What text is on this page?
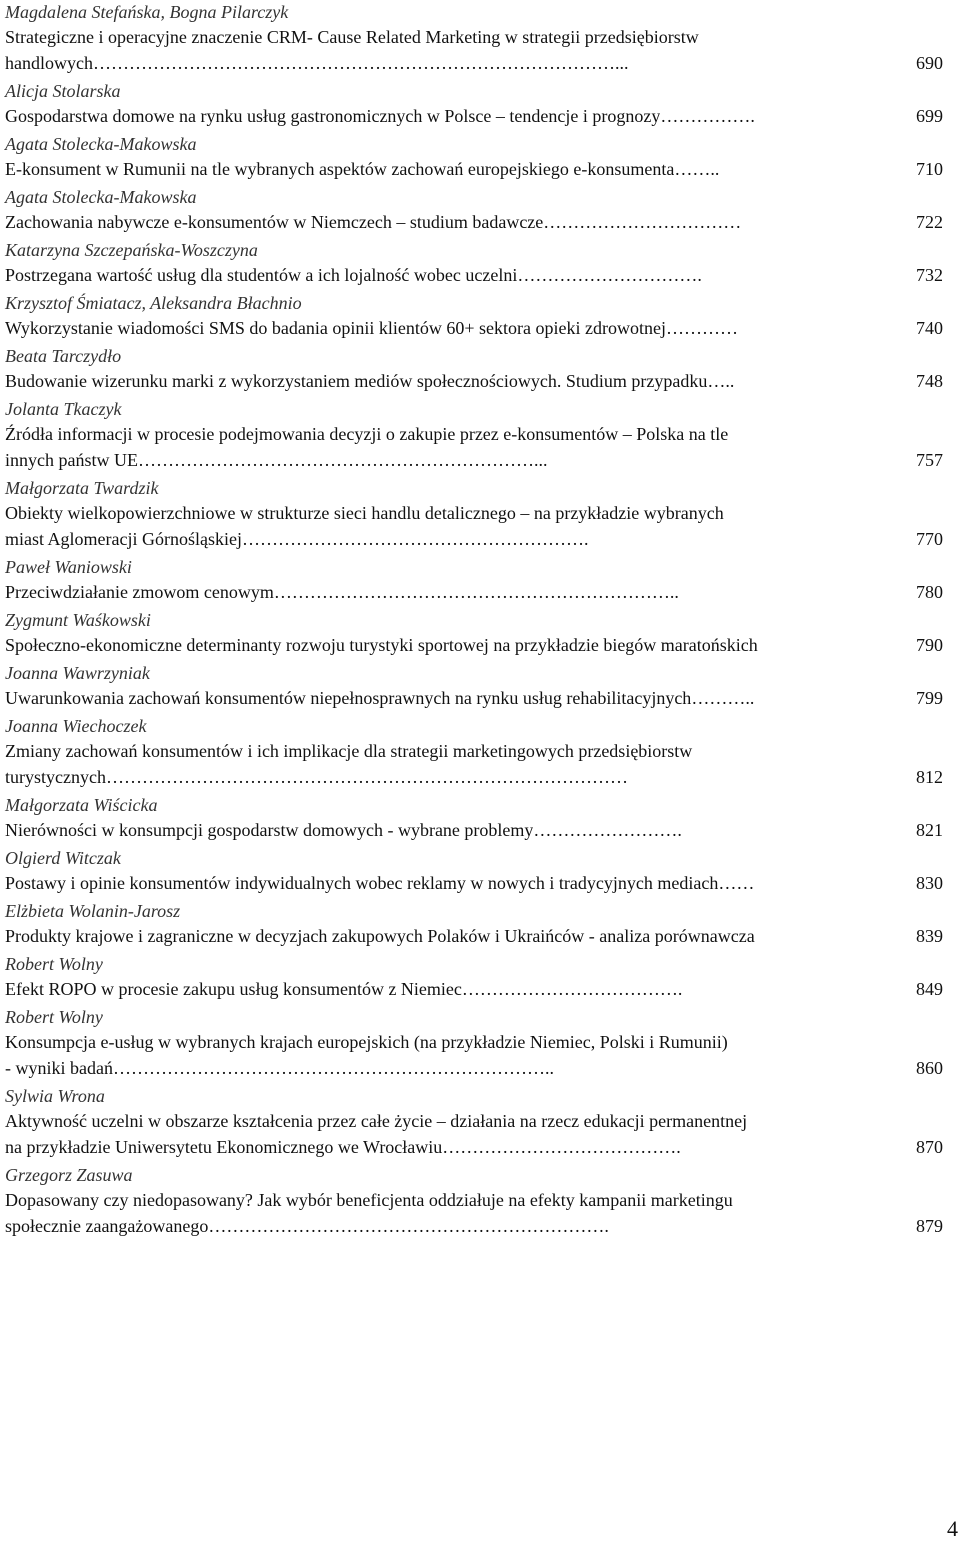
Magdalena Stefańska, Bogna Pilarczyk
Strategiczne i operacyjne znaczenie CRM- Cause Related Marketing w strategii przedsiębiorstw
handlowych ……………………………………………………………………………...	690
Alicja Stolarska
Gospodarstwa domowe na rynku usług gastronomicznych w Polsce – tendencje i prognozy …………….	699
Agata Stolecka-Makowska
E-konsument w Rumunii na tle wybranych aspektów zachowań europejskiego e-konsumenta ……..	710
Agata Stolecka-Makowska
Zachowania nabywcze e-konsumentów w Niemczech – studium badawcze ……………………………	722
Katarzyna Szczepańska-Woszczyna
Postrzegana wartość usług dla studentów a ich lojalność wobec uczelni ………………………….	732
Krzysztof Śmiatacz, Aleksandra Błachnio
Wykorzystanie wiadomości SMS do badania opinii klientów 60+ sektora opieki zdrowotnej …………	740
Beata Tarczydło
Budowanie wizerunku marki z wykorzystaniem mediów społecznościowych. Studium przypadku …..	748
Jolanta Tkaczyk
Źródła informacji w procesie podejmowania decyzji o zakupie przez e-konsumentów – Polska na tle
innych państw UE …………………………………………………………...	757
Małgorzata Twardzik
Obiekty wielkopowierzchniowe w strukturze sieci handlu detalicznego – na przykładzie wybranych
miast Aglomeracji Górnośląskiej ………………………………………………….	770
Paweł Waniowski
Przeciwdziałanie zmowom cenowym …………………………………………………………..	780
Zygmunt Waśkowski
Społeczno-ekonomiczne determinanty rozwoju turystyki sportowej na przykładzie biegów maratońskich	790
Joanna Wawrzyniak
Uwarunkowania zachowań konsumentów niepełnosprawnych na rynku usług rehabilitacyjnych ………..	799
Joanna Wiechoczek
Zmiany zachowań konsumentów i ich implikacje dla strategii marketingowych przedsiębiorstw
turystycznych ……………………………………………………………………………	812
Małgorzata Wiścicka
Nierówności w konsumpcji gospodarstw domowych - wybrane problemy …………………….	821
Olgierd Witczak
Postawy i opinie konsumentów indywidualnych wobec reklamy w nowych i tradycyjnych mediach ……	830
Elżbieta Wolanin-Jarosz
Produkty krajowe i zagraniczne w decyzjach zakupowych Polaków i Ukraińców - analiza porównawcza	839
Robert Wolny
Efekt ROPO w procesie zakupu usług konsumentów z Niemiec ……………………………….	849
Robert Wolny
Konsumpcja e-usług w wybranych krajach europejskich (na przykładzie Niemiec, Polski i Rumunii)
- wyniki badań ………………………………………………………………..	860
Sylwia Wrona
Aktywność uczelni w obszarze kształcenia przez całe życie – działania na rzecz edukacji permanentnej
na przykładzie Uniwersytetu Ekonomicznego we Wrocławiu ………………………………….	870
Grzegorz Zasuwa
Dopasowany czy niedopasowany? Jak wybór beneficjenta oddziałuje na efekty kampanii marketingu
społecznie zaangażowanego ………………………………………………………….	879
4
